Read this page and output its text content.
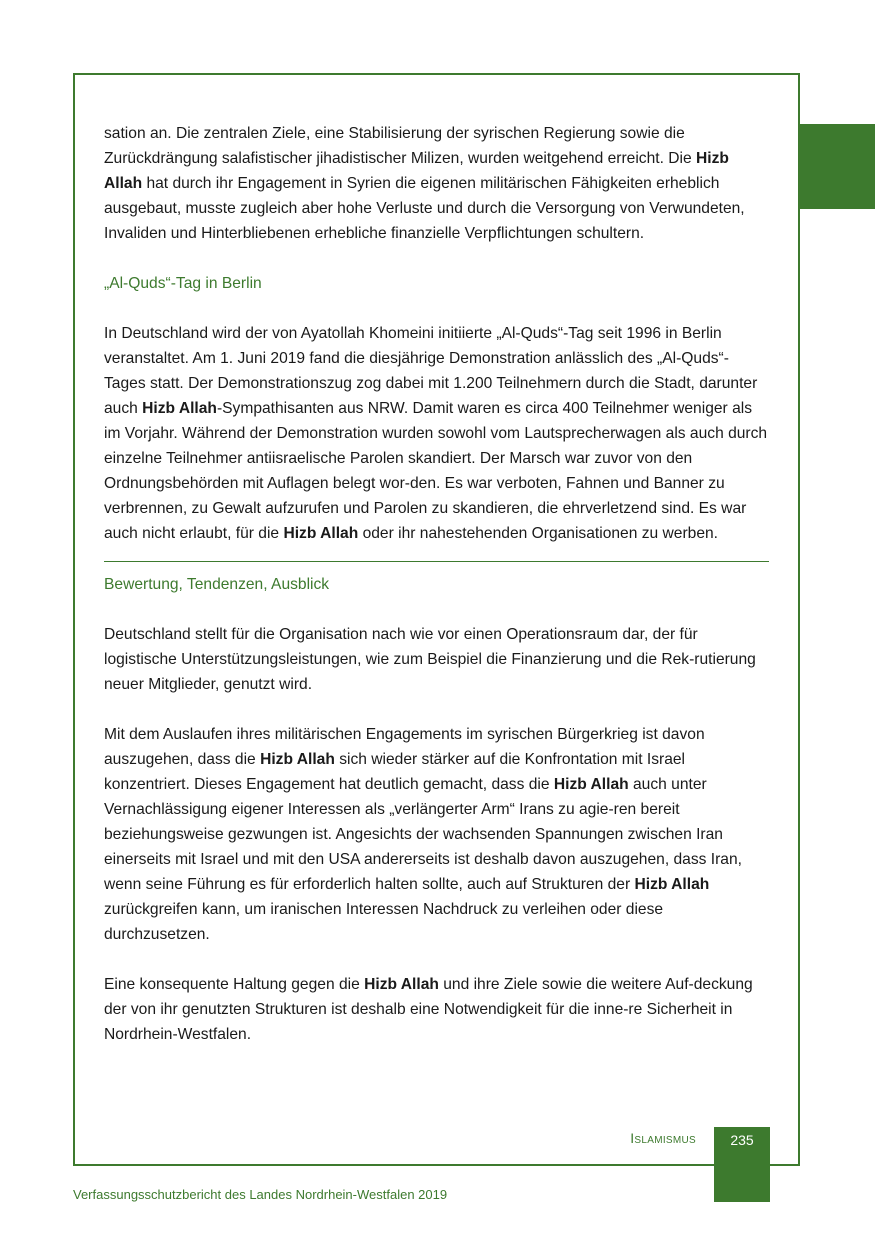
sation an. Die zentralen Ziele, eine Stabilisierung der syrischen Regierung sowie die Zurückdrängung salafistischer jihadistischer Milizen, wurden weitgehend erreicht. Die Hizb Allah hat durch ihr Engagement in Syrien die eigenen militärischen Fähigkeiten erheblich ausgebaut, musste zugleich aber hohe Verluste und durch die Versorgung von Verwundeten, Invaliden und Hinterbliebenen erhebliche finanzielle Verpflichtungen schultern.

„Al-Quds“-Tag in Berlin

In Deutschland wird der von Ayatollah Khomeini initiierte „Al-Quds“-Tag seit 1996 in Berlin veranstaltet. Am 1. Juni 2019 fand die diesjährige Demonstration anlässlich des „Al-Quds“-Tages statt. Der Demonstrationszug zog dabei mit 1.200 Teilnehmern durch die Stadt, darunter auch Hizb Allah-Sympathisanten aus NRW. Damit waren es circa 400 Teilnehmer weniger als im Vorjahr. Während der Demonstration wurden sowohl vom Lautsprecherwagen als auch durch einzelne Teilnehmer antiisraelische Parolen skandiert. Der Marsch war zuvor von den Ordnungsbehörden mit Auflagen belegt wor-den. Es war verboten, Fahnen und Banner zu verbrennen, zu Gewalt aufzurufen und Parolen zu skandieren, die ehrverletzend sind. Es war auch nicht erlaubt, für die Hizb Allah oder ihr nahestehenden Organisationen zu werben.

Bewertung, Tendenzen, Ausblick

Deutschland stellt für die Organisation nach wie vor einen Operationsraum dar, der für logistische Unterstützungsleistungen, wie zum Beispiel die Finanzierung und die Rek-rutierung neuer Mitglieder, genutzt wird.

Mit dem Auslaufen ihres militärischen Engagements im syrischen Bürgerkrieg ist davon auszugehen, dass die Hizb Allah sich wieder stärker auf die Konfrontation mit Israel konzentriert. Dieses Engagement hat deutlich gemacht, dass die Hizb Allah auch unter Vernachlässigung eigener Interessen als „verlängerter Arm“ Irans zu agie-ren bereit beziehungsweise gezwungen ist. Angesichts der wachsenden Spannungen zwischen Iran einerseits mit Israel und mit den USA andererseits ist deshalb davon auszugehen, dass Iran, wenn seine Führung es für erforderlich halten sollte, auch auf Strukturen der Hizb Allah zurückgreifen kann, um iranischen Interessen Nachdruck zu verleihen oder diese durchzusetzen.

Eine konsequente Haltung gegen die Hizb Allah und ihre Ziele sowie die weitere Auf-deckung der von ihr genutzten Strukturen ist deshalb eine Notwendigkeit für die inne-re Sicherheit in Nordrhein-Westfalen.

Islamismus	235
Verfassungsschutzbericht des Landes Nordrhein-Westfalen 2019
